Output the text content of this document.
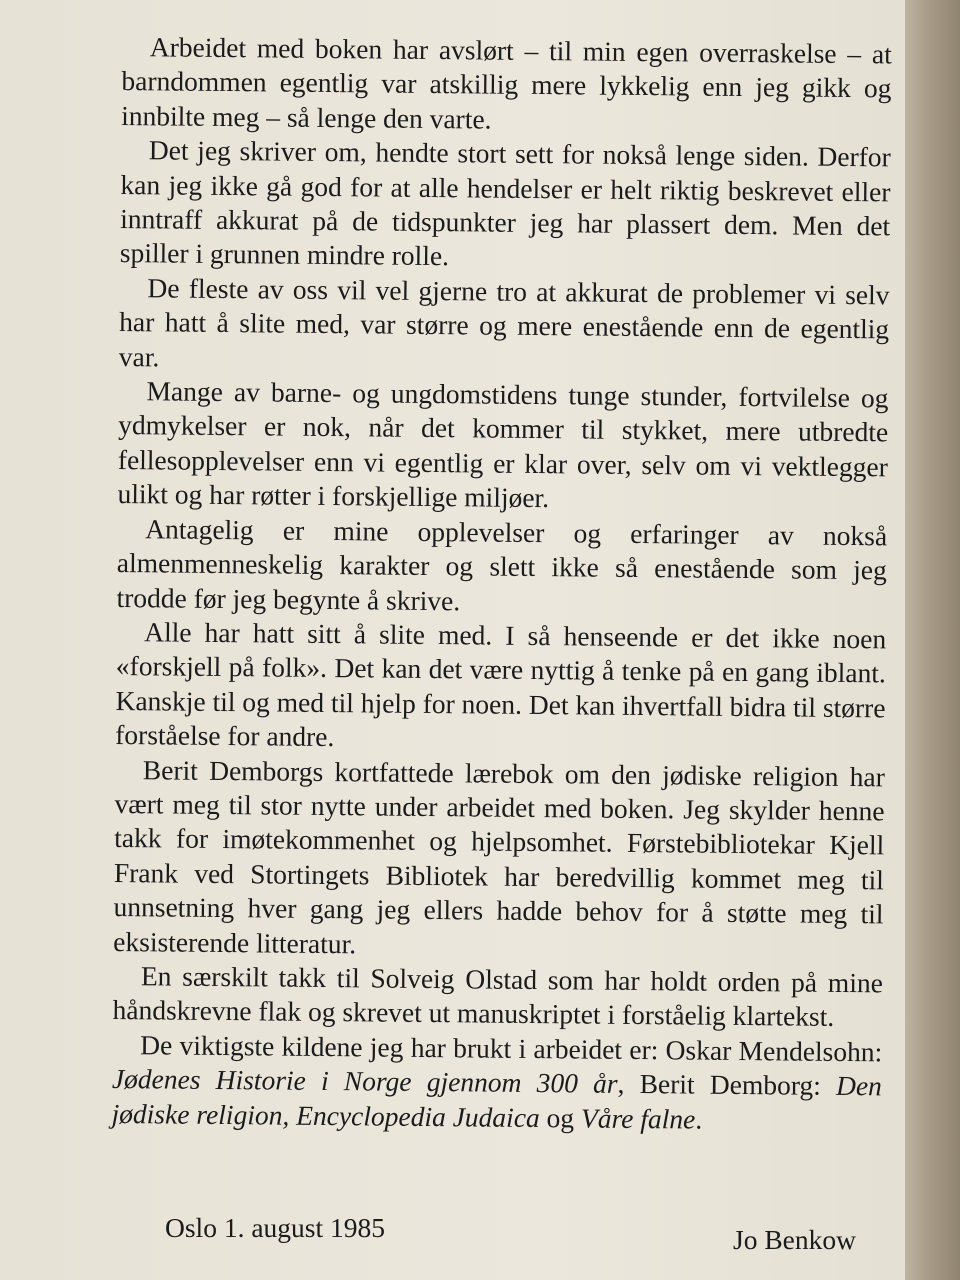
Arbeidet med boken har avslørt – til min egen overraskelse – at barndommen egentlig var atskillig mere lykkelig enn jeg gikk og innbilte meg – så lenge den varte.

Det jeg skriver om, hendte stort sett for nokså lenge siden. Derfor kan jeg ikke gå god for at alle hendelser er helt riktig beskrevet eller inntraff akkurat på de tidspunkter jeg har plassert dem. Men det spiller i grunnen mindre rolle.

De fleste av oss vil vel gjerne tro at akkurat de problemer vi selv har hatt å slite med, var større og mere enestående enn de egentlig var.

Mange av barne- og ungdomstidens tunge stunder, fortvilelse og ydmykelser er nok, når det kommer til stykket, mere utbredte fellesopplevelser enn vi egentlig er klar over, selv om vi vektlegger ulikt og har røtter i forskjellige miljøer.

Antagelig er mine opplevelser og erfaringer av nokså almenmenneskelig karakter og slett ikke så enestående som jeg trodde før jeg begynte å skrive.

Alle har hatt sitt å slite med. I så henseende er det ikke noen «forskjell på folk». Det kan det være nyttig å tenke på en gang iblant. Kanskje til og med til hjelp for noen. Det kan ihvertfall bidra til større forståelse for andre.

Berit Demborgs kortfattede lærebok om den jødiske religion har vært meg til stor nytte under arbeidet med boken. Jeg skylder henne takk for imøtekommenhet og hjelpsomhet. Førstebibliotekar Kjell Frank ved Stortingets Bibliotek har beredvillig kommet meg til unnsetning hver gang jeg ellers hadde behov for å støtte meg til eksisterende litteratur.

En særskilt takk til Solveig Olstad som har holdt orden på mine håndskrevne flak og skrevet ut manuskriptet i forståelig klartekst.

De viktigste kildene jeg har brukt i arbeidet er: Oskar Mendelsohn: Jødenes Historie i Norge gjennom 300 år, Berit Demborg: Den jødiske religion, Encyclopedia Judaica og Våre falne.

Oslo 1. august 1985	Jo Benkow
